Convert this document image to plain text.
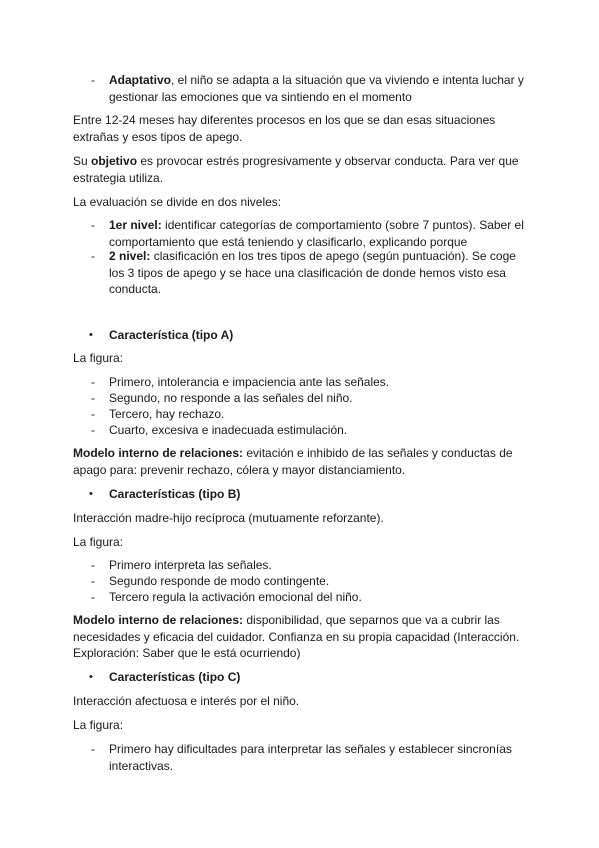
- Adaptativo, el niño se adapta a la situación que va viviendo e intenta luchar y gestionar las emociones que va sintiendo en el momento
Entre 12-24 meses hay diferentes procesos en los que se dan esas situaciones extrañas y esos tipos de apego.
Su objetivo es provocar estrés progresivamente y observar conducta. Para ver que estrategia utiliza.
La evaluación se divide en dos niveles:
- 1er nivel: identificar categorías de comportamiento (sobre 7 puntos). Saber el comportamiento que está teniendo y clasificarlo, explicando porque
- 2 nivel: clasificación en los tres tipos de apego (según puntuación). Se coge los 3 tipos de apego y se hace una clasificación de donde hemos visto esa conducta.
• Característica (tipo A)
La figura:
- Primero, intolerancia e impaciencia ante las señales.
- Segundo, no responde a las señales del niño.
- Tercero, hay rechazo.
- Cuarto, excesiva e inadecuada estimulación.
Modelo interno de relaciones: evitación e inhibido de las señales y conductas de apago para: prevenir rechazo, cólera y mayor distanciamiento.
• Características (tipo B)
Interacción madre-hijo recíproca (mutuamente reforzante).
La figura:
- Primero interpreta las señales.
- Segundo responde de modo contingente.
- Tercero regula la activación emocional del niño.
Modelo interno de relaciones: disponibilidad, que separnos que va a cubrir las necesidades y eficacia del cuidador. Confianza en su propia capacidad (Interacción. Exploración: Saber que le está ocurriendo)
• Características (tipo C)
Interacción afectuosa e interés por el niño.
La figura:
- Primero hay dificultades para interpretar las señales y establecer sincronías interactivas.
